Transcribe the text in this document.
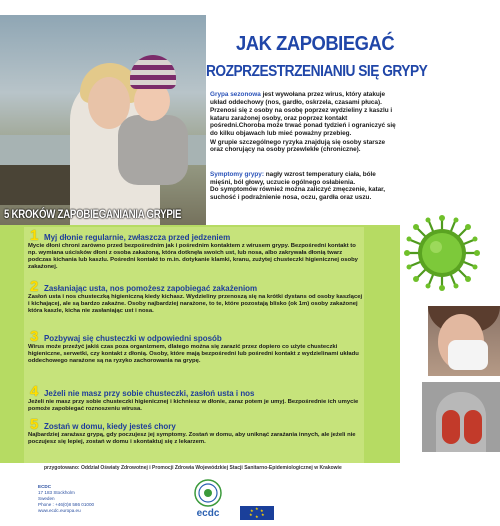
JAK ZAPOBIEGAĆ
ROZPRZESTRZENIANIU SIĘ GRYPY

Grypa sezonowa jest wywołana przez wirus, który atakuje układ oddechowy (nos, gardło, oskrzela, czasami płuca).

Przenosi się z osoby na osobę poprzez wydzieliny z kaszlu i kataru zarażonej osoby, oraz poprzez kontakt pośredni.Choroba może trwać ponad tydzień i ograniczyć się do kilku objawach lub mieć poważny przebieg.

W grupie szczególnego ryzyka znajdują się osoby starsze oraz chorujący na osoby przewlekłe (chroniczne).

Symptomy grypy: nagły wzrost temperatury ciała, bóle mięśni, ból głowy, uczucie ogólnego osłabienia.

Do symptomów również można zaliczyć zmęczenie, katar, suchość i podrażnienie nosa, oczu, gardła oraz uszu.

5 KROKÓW ZAPOBIEGANIANIA GRYPIE
1 Myj dłonie regularnie, zwłaszcza przed jedzeniem
Mycie dłoni chroni zarówno przed bezpośrednim jak i pośrednim kontaktem z wirusem grypy. Bezpośredni kontakt to np. wymiana uścisków dłoni z osoba zakażoną, która dotknęła swoich ust, lub nosa, albo zakrywała dłonią twarz podczas kichania lub kaszlu. Pośredni kontakt to m.in. dotykanie klamki, kranu, zużytej chusteczki higienicznej osoby zakażonej.
2 Zasłaniając usta, nos pomożesz zapobiegać zakażeniom
Zasłoń usta i nos chusteczką higieniczną kiedy kichasz. Wydzieliny przenoszą się na krótki dystans od osoby kaszlącej i kichającej, ale są bardzo zakaźne. Osoby najbardziej narażone, to te, które pozostają blisko (ok 1m) osoby zakażonej która kaszle, kicha nie zasłaniając ust i nosa.
3 Pozbywaj się chusteczki w odpowiedni sposób
Wirus może przeżyć jakiś czas poza organizmem, dlatego można się zarazić przez dopiero co użyte chusteczki higieniczne, serwetki, czy kontakt z dłonią. Osoby, które mają bezpośredni lub pośredni kontakt z wydzielinami układu oddechowego narażone są na ryzyko zachorowania na grypę.
4 Jeżeli nie masz przy sobie chusteczki, zasłoń usta i nos
Jeżeli nie masz przy sobie chusteczki higienicznej i kichniesz w dłonie, zaraz potem je umyj. Bezpośrednie ich umycie pomoże zapobiegać roznoszeniu wirusa.
5 Zostań w domu, kiedy jesteś chory
Najbardziej zarażasz grypą, gdy poczujesz jej symptomy. Zostań w domu, aby uniknąć zarażania innych, ale jeżeli nie poczujesz się lepiej, zostań w domu i skontaktuj się z lekarzem.
przygotowano: Oddział Oświaty Zdrowotnej i Promocji Zdrowia Wojewódzkiej Stacji Sanitarno-Epidemiologicznej w Krakowie
ECDC
17 183 Stockholm
Sweden
Phone : +46(0)8 586 01000
www.ecdc.europa.eu	ecdc	★
★ ★
★ ★
★
